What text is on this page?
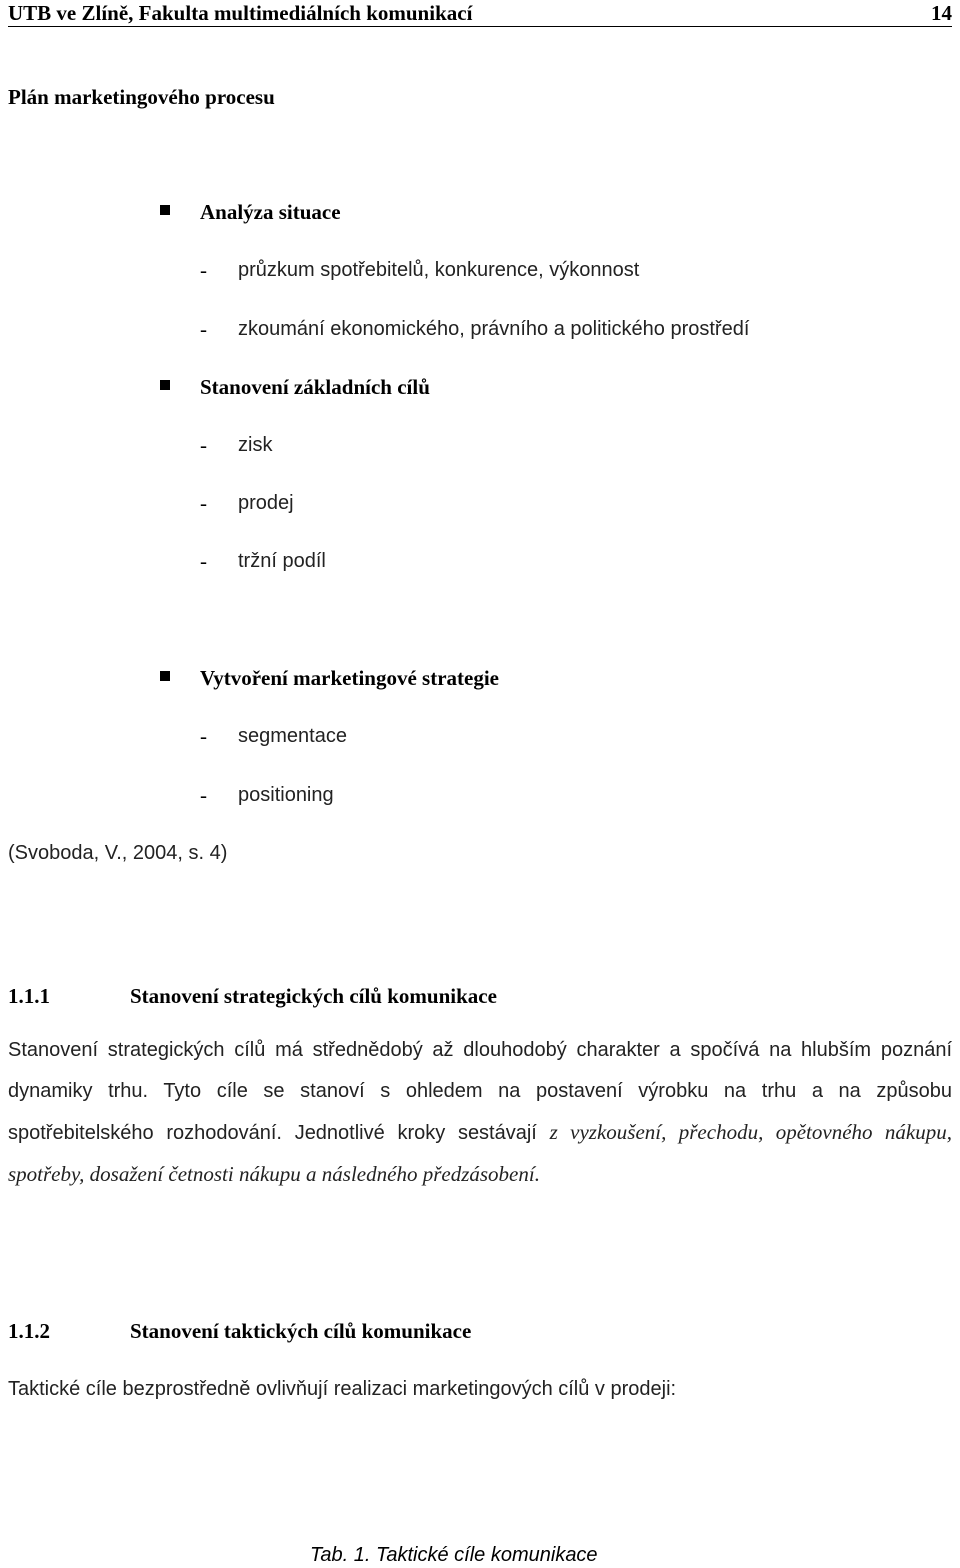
UTB ve Zlíně, Fakulta multimediálních komunikací	14
Plán marketingového procesu
Analýza situace
- průzkum spotřebitelů, konkurence, výkonnost
- zkoumání ekonomického, právního a politického prostředí
Stanovení základních cílů
- zisk
- prodej
- tržní podíl
Vytvoření marketingové strategie
- segmentace
- positioning
(Svoboda, V., 2004, s. 4)
1.1.1	Stanovení strategických cílů komunikace
Stanovení strategických cílů má střednědobý až dlouhodobý charakter a spočívá na hlubším poznání dynamiky trhu. Tyto cíle se stanoví s ohledem na postavení výrobku na trhu a na způsobu spotřebitelského rozhodování. Jednotlivé kroky sestávají z vyzkoušení, přechodu, opětovného nákupu, spotřeby, dosažení četnosti nákupu a následného předzásobení.
1.1.2	Stanovení taktických cílů komunikace
Taktické cíle bezprostředně ovlivňují realizaci marketingových cílů v prodeji:
Tab. 1. Taktické cíle komunikace
